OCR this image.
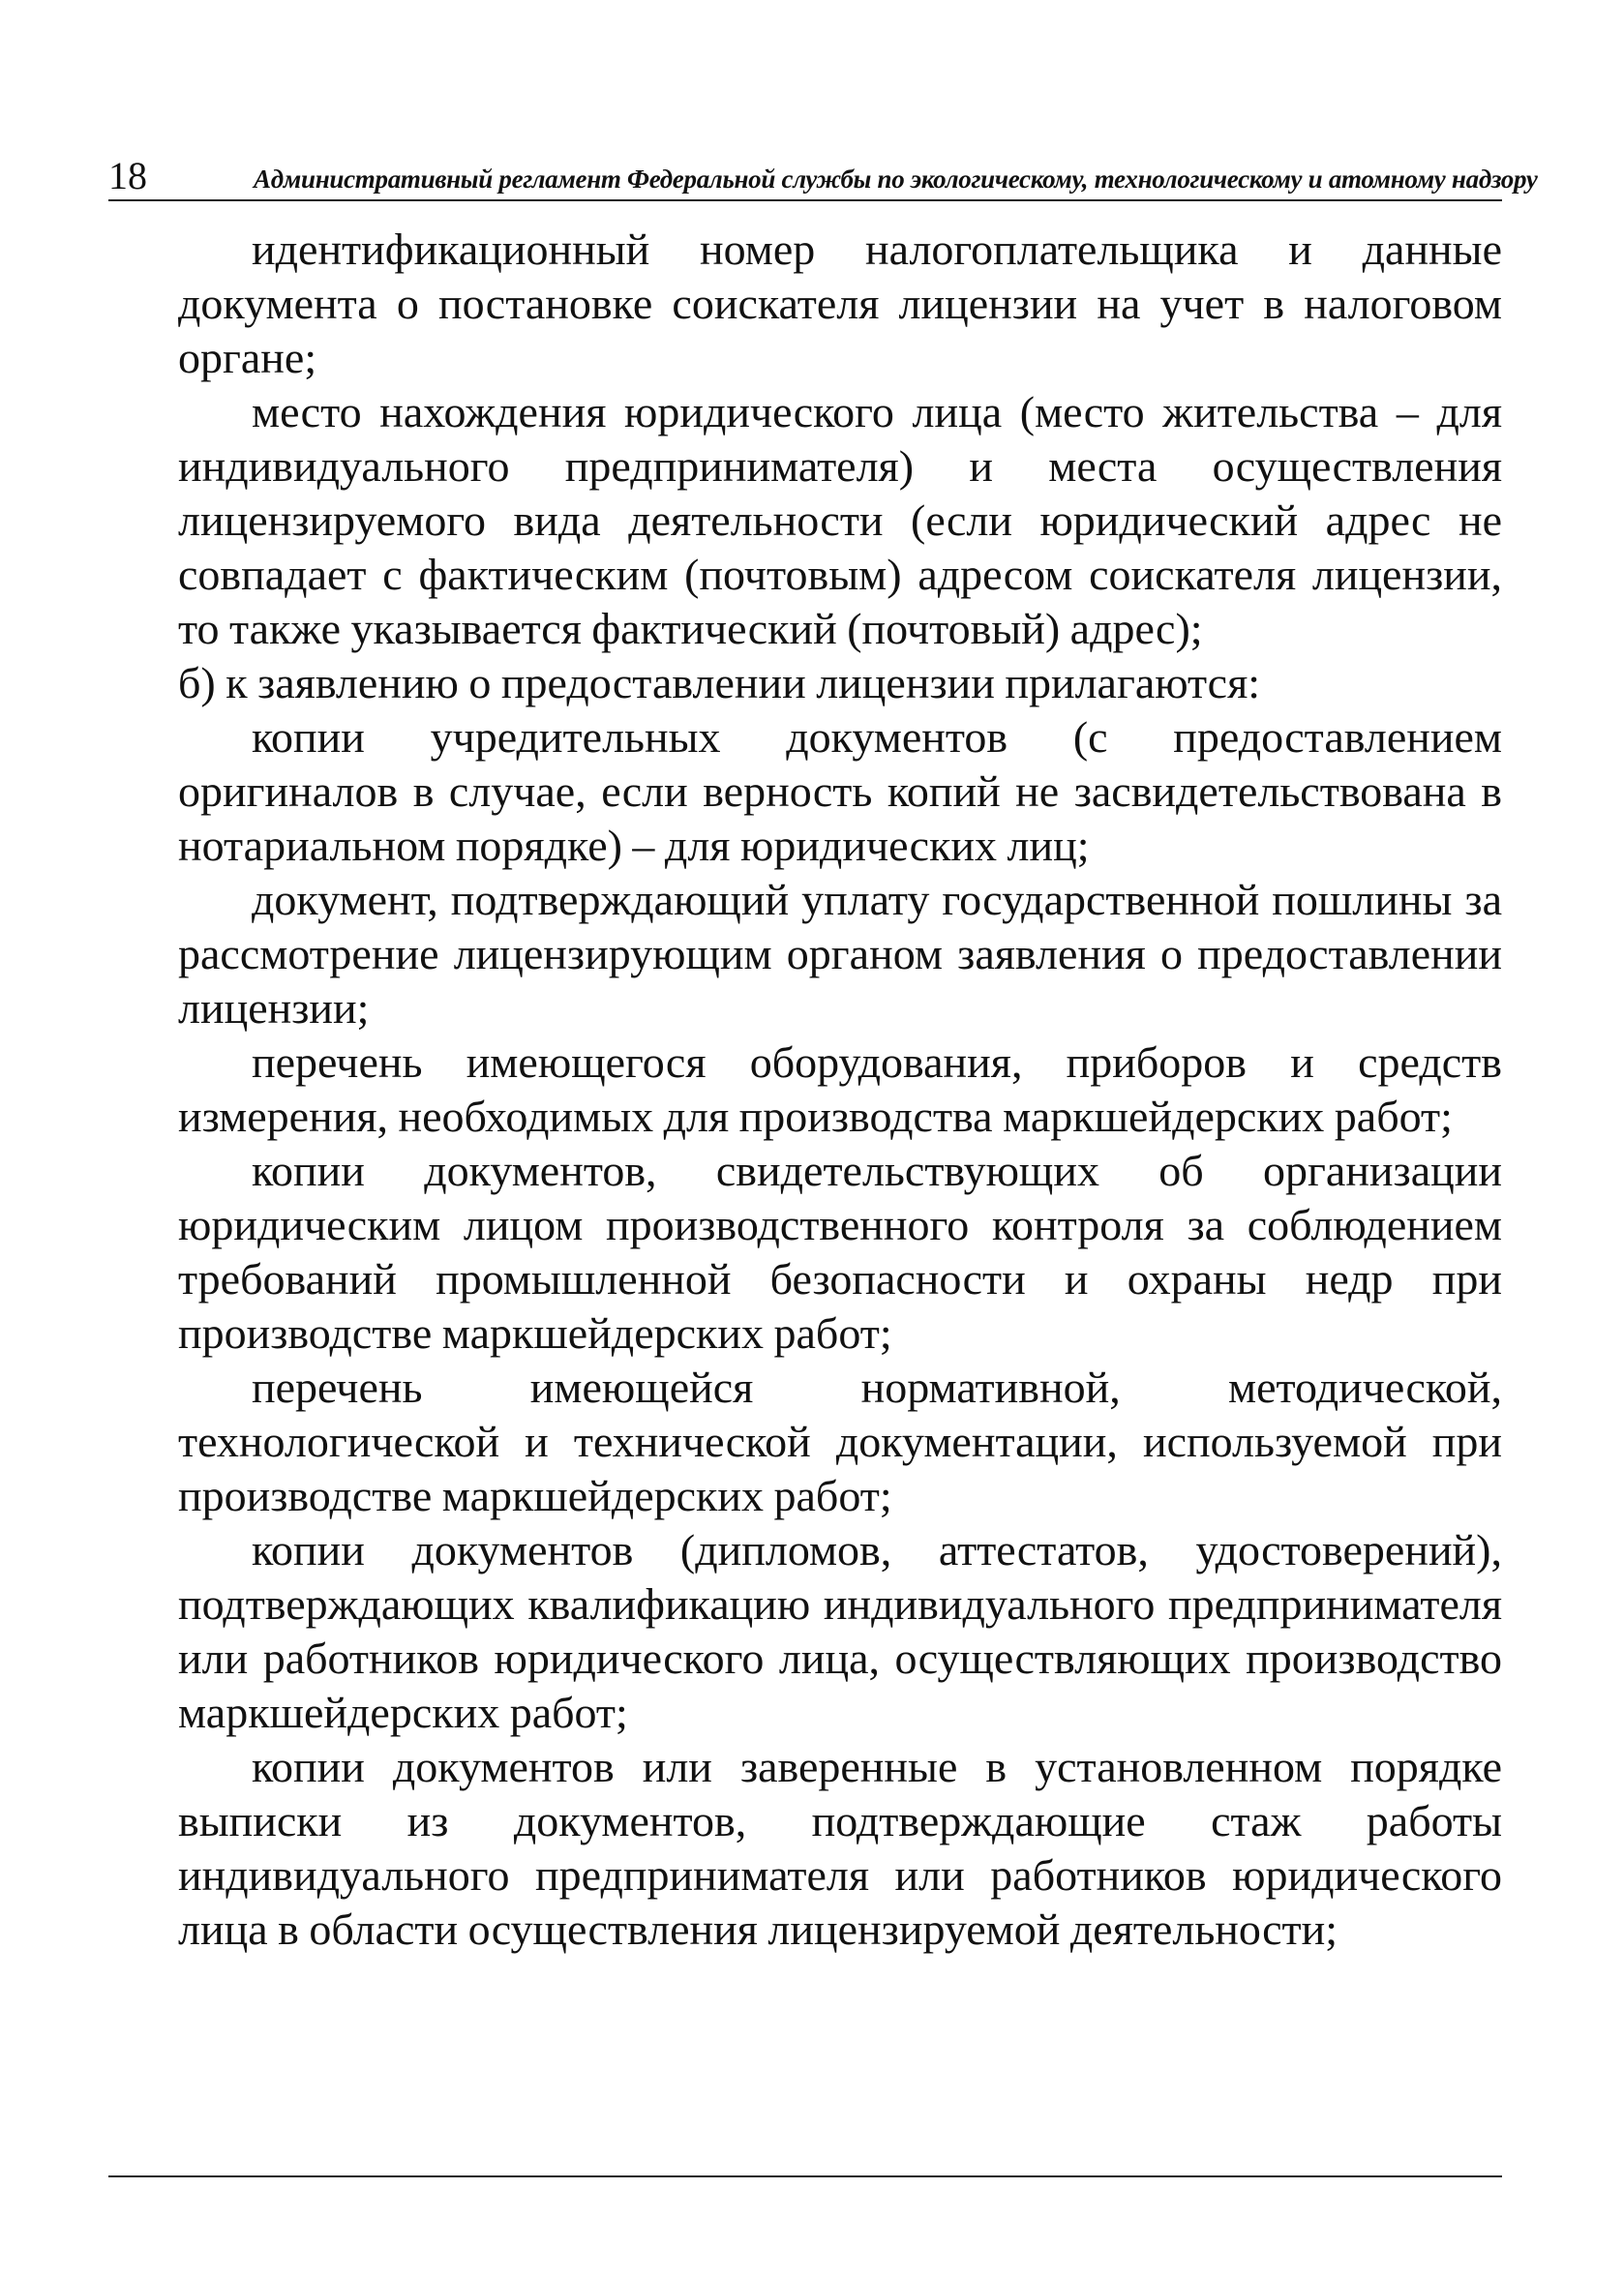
18	Административный регламент Федеральной службы по экологическому, технологическому и атомному надзору

идентификационный номер налогоплательщика и данные документа о постановке соискателя лицензии на учет в налоговом органе;

место нахождения юридического лица (место жительства – для индивидуального предпринимателя) и места осуществления лицензируемого вида деятельности (если юридический адрес не совпадает с фактическим (почтовым) адресом соискателя лицензии, то также указывается фактический (почтовый) адрес);

б) к заявлению о предоставлении лицензии прилагаются:

копии учредительных документов (с предоставлением оригиналов в случае, если верность копий не засвидетельствована в нотариальном порядке) – для юридических лиц;

документ, подтверждающий уплату государственной пошлины за рассмотрение лицензирующим органом заявления о предоставлении лицензии;

перечень имеющегося оборудования, приборов и средств измерения, необходимых для производства маркшейдерских работ;

копии документов, свидетельствующих об организации юридическим лицом производственного контроля за соблюдением требований промышленной безопасности и охраны недр при производстве маркшейдерских работ;

перечень имеющейся нормативной, методической, технологической и технической документации, используемой при производстве маркшейдерских работ;

копии документов (дипломов, аттестатов, удостоверений), подтверждающих квалификацию индивидуального предпринимателя или работников юридического лица, осуществляющих производство маркшейдерских работ;

копии документов или заверенные в установленном порядке выписки из документов, подтверждающие стаж работы индивидуального предпринимателя или работников юридического лица в области осуществления лицензируемой деятельности;
